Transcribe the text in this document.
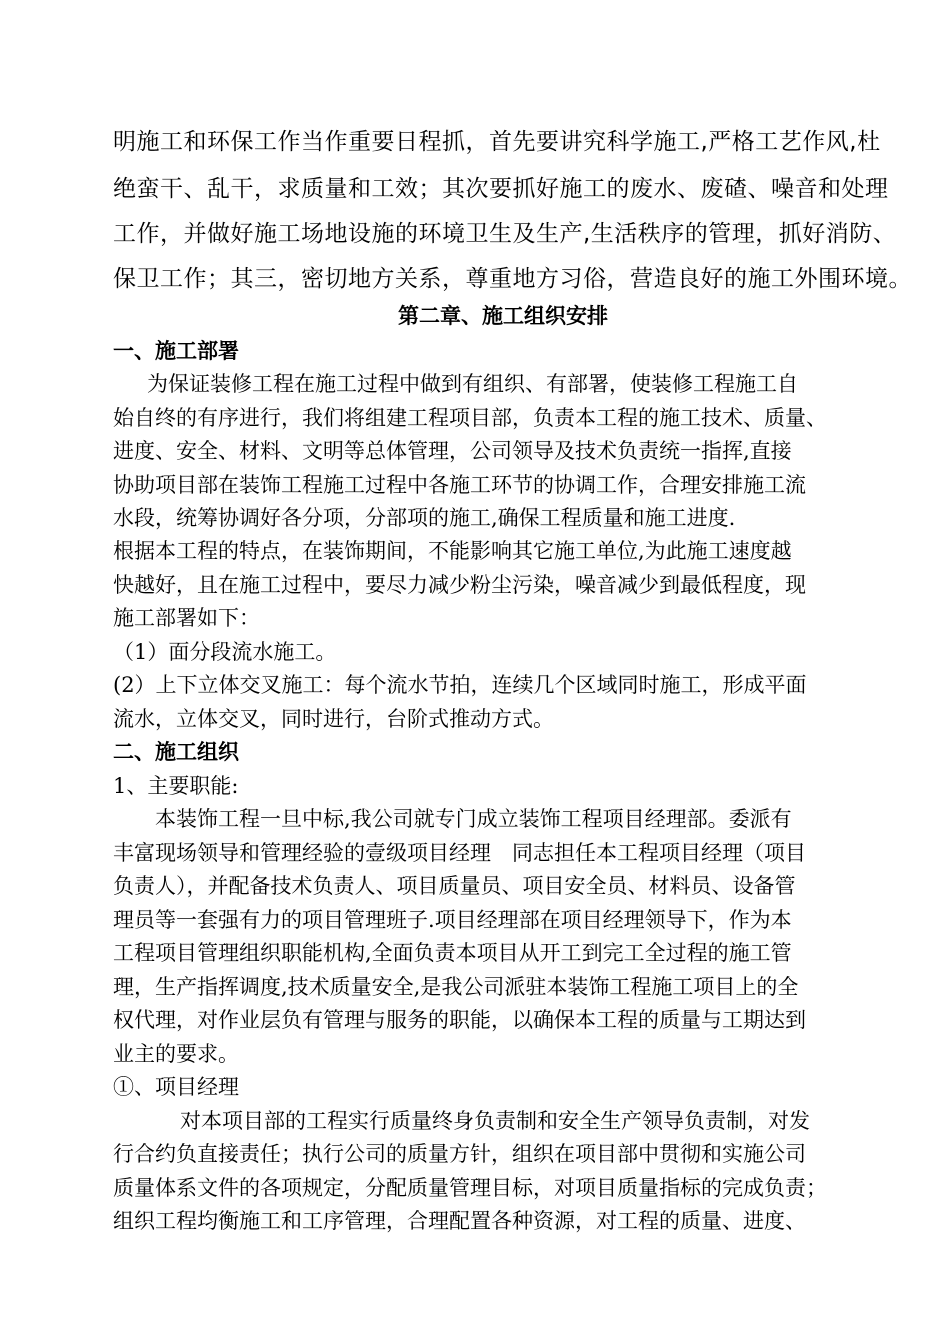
明施工和环保工作当作重要日程抓，首先要讲究科学施工,严格工艺作风,杜

绝蛮干、乱干，求质量和工效；其次要抓好施工的废水、废碴、噪音和处理

工作，并做好施工场地设施的环境卫生及生产,生活秩序的管理，抓好消防、

保卫工作；其三，密切地方关系，尊重地方习俗，营造良好的施工外围环境。

第二章、施工组织安排

一、施工部署

为保证装修工程在施工过程中做到有组织、有部署，使装修工程施工自

始自终的有序进行，我们将组建工程项目部，负责本工程的施工技术、质量、

进度、安全、材料、文明等总体管理，公司领导及技术负责统一指挥,直接

协助项目部在装饰工程施工过程中各施工环节的协调工作，合理安排施工流

水段，统筹协调好各分项，分部项的施工,确保工程质量和施工进度.

根据本工程的特点，在装饰期间，不能影响其它施工单位,为此施工速度越

快越好，且在施工过程中，要尽力减少粉尘污染，噪音减少到最低程度，现

施工部署如下：

（1）面分段流水施工。

(2）上下立体交叉施工：每个流水节拍，连续几个区域同时施工，形成平面

流水，立体交叉，同时进行，台阶式推动方式。

二、施工组织

1、主要职能:

本装饰工程一旦中标,我公司就专门成立装饰工程项目经理部。委派有

丰富现场领导和管理经验的壹级项目经理　同志担任本工程项目经理（项目

负责人），并配备技术负责人、项目质量员、项目安全员、材料员、设备管

理员等一套强有力的项目管理班子.项目经理部在项目经理领导下，作为本

工程项目管理组织职能机构,全面负责本项目从开工到完工全过程的施工管

理，生产指挥调度,技术质量安全,是我公司派驻本装饰工程施工项目上的全

权代理，对作业层负有管理与服务的职能，以确保本工程的质量与工期达到

业主的要求。

①、项目经理

对本项目部的工程实行质量终身负责制和安全生产领导负责制，对发

行合约负直接责任；执行公司的质量方针，组织在项目部中贯彻和实施公司

质量体系文件的各项规定，分配质量管理目标，对项目质量指标的完成负责；

组织工程均衡施工和工序管理，合理配置各种资源，对工程的质量、进度、
